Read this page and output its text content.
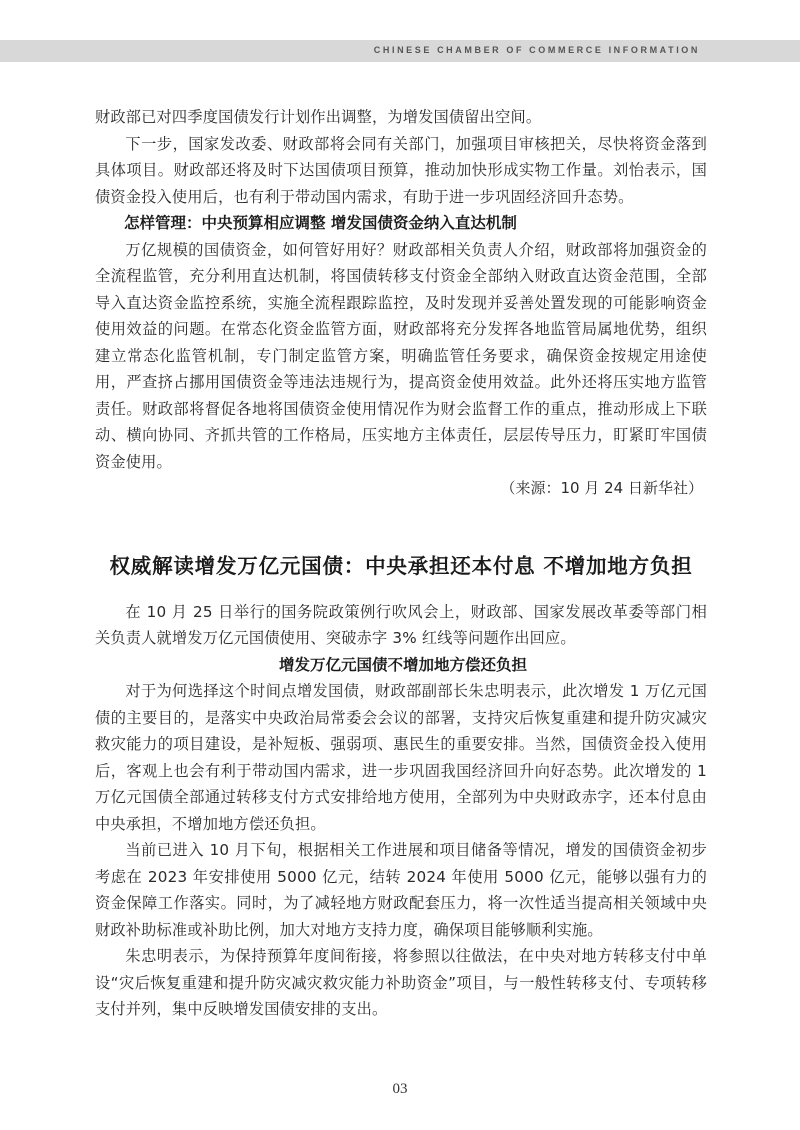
CHINESE CHAMBER OF COMMERCE INFORMATION

财政部已对四季度国债发行计划作出调整，为增发国债留出空间。

下一步，国家发改委、财政部将会同有关部门，加强项目审核把关，尽快将资金落到具体项目。财政部还将及时下达国债项目预算，推动加快形成实物工作量。刘怡表示，国债资金投入使用后，也有利于带动国内需求，有助于进一步巩固经济回升态势。

怎样管理：中央预算相应调整 增发国债资金纳入直达机制

万亿规模的国债资金，如何管好用好？财政部相关负责人介绍，财政部将加强资金的全流程监管，充分利用直达机制，将国债转移支付资金全部纳入财政直达资金范围，全部导入直达资金监控系统，实施全流程跟踪监控，及时发现并妥善处置发现的可能影响资金使用效益的问题。在常态化资金监管方面，财政部将充分发挥各地监管局属地优势，组织建立常态化监管机制，专门制定监管方案，明确监管任务要求，确保资金按规定用途使用，严查挤占挪用国债资金等违法违规行为，提高资金使用效益。此外还将压实地方监管责任。财政部将督促各地将国债资金使用情况作为财会监督工作的重点，推动形成上下联动、横向协同、齐抓共管的工作格局，压实地方主体责任，层层传导压力，盯紧盯牢国债资金使用。

（来源：10 月 24 日新华社）
权威解读增发万亿元国债：中央承担还本付息 不增加地方负担

在 10 月 25 日举行的国务院政策例行吹风会上，财政部、国家发展改革委等部门相关负责人就增发万亿元国债使用、突破赤字 3% 红线等问题作出回应。

增发万亿元国债不增加地方偿还负担

对于为何选择这个时间点增发国债，财政部副部长朱忠明表示，此次增发 1 万亿元国债的主要目的，是落实中央政治局常委会会议的部署，支持灾后恢复重建和提升防灾减灾救灾能力的项目建设，是补短板、强弱项、惠民生的重要安排。当然，国债资金投入使用后，客观上也会有利于带动国内需求，进一步巩固我国经济回升向好态势。此次增发的 1 万亿元国债全部通过转移支付方式安排给地方使用，全部列为中央财政赤字，还本付息由中央承担，不增加地方偿还负担。

当前已进入 10 月下旬，根据相关工作进展和项目储备等情况，增发的国债资金初步考虑在 2023 年安排使用 5000 亿元，结转 2024 年使用 5000 亿元，能够以强有力的资金保障工作落实。同时，为了减轻地方财政配套压力，将一次性适当提高相关领域中央财政补助标准或补助比例，加大对地方支持力度，确保项目能够顺利实施。

朱忠明表示，为保持预算年度间衔接，将参照以往做法，在中央对地方转移支付中单设“灾后恢复重建和提升防灾减灾救灾能力补助资金”项目，与一般性转移支付、专项转移支付并列，集中反映增发国债安排的支出。

03
